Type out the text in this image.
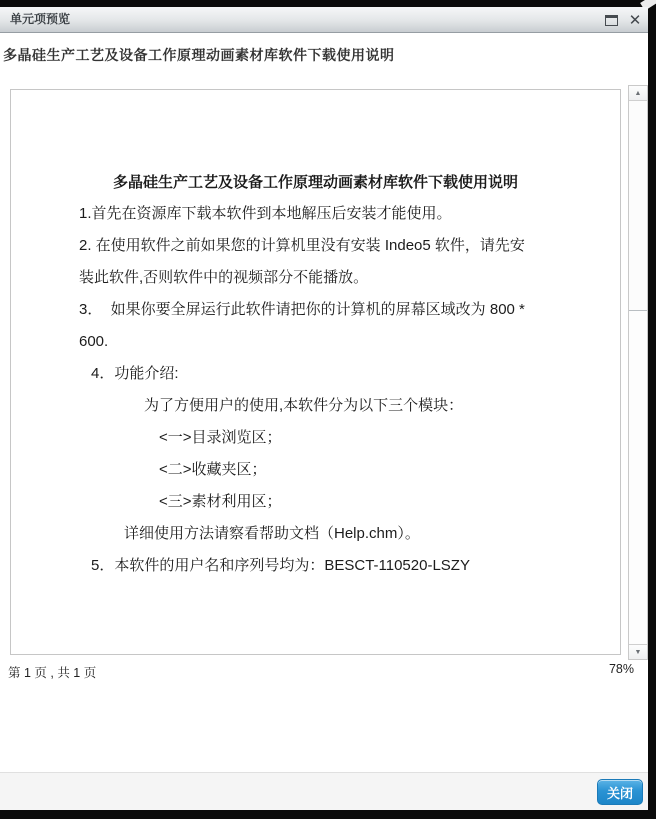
单元项预览	✕
多晶硅生产工艺及设备工作原理动画素材库软件下载使用说明
多晶硅生产工艺及设备工作原理动画素材库软件下载使用说明
1.首先在资源库下载本软件到本地解压后安装才能使用。
2. 在使用软件之前如果您的计算机里没有安装 Indeo5 软件，请先安
装此软件,否则软件中的视频部分不能播放。
3．  如果你要全屏运行此软件请把你的计算机的屏幕区域改为 800 *
600.
4．功能介绍:
为了方便用户的使用,本软件分为以下三个模块：
<一>目录浏览区；
<二>收藏夹区；
<三>素材利用区；
详细使用方法请察看帮助文档（Help.chm）。
5．本软件的用户名和序列号均为：BESCT-110520-LSZY
▲
▼
第 1 页 , 共 1 页	78%
关闭
